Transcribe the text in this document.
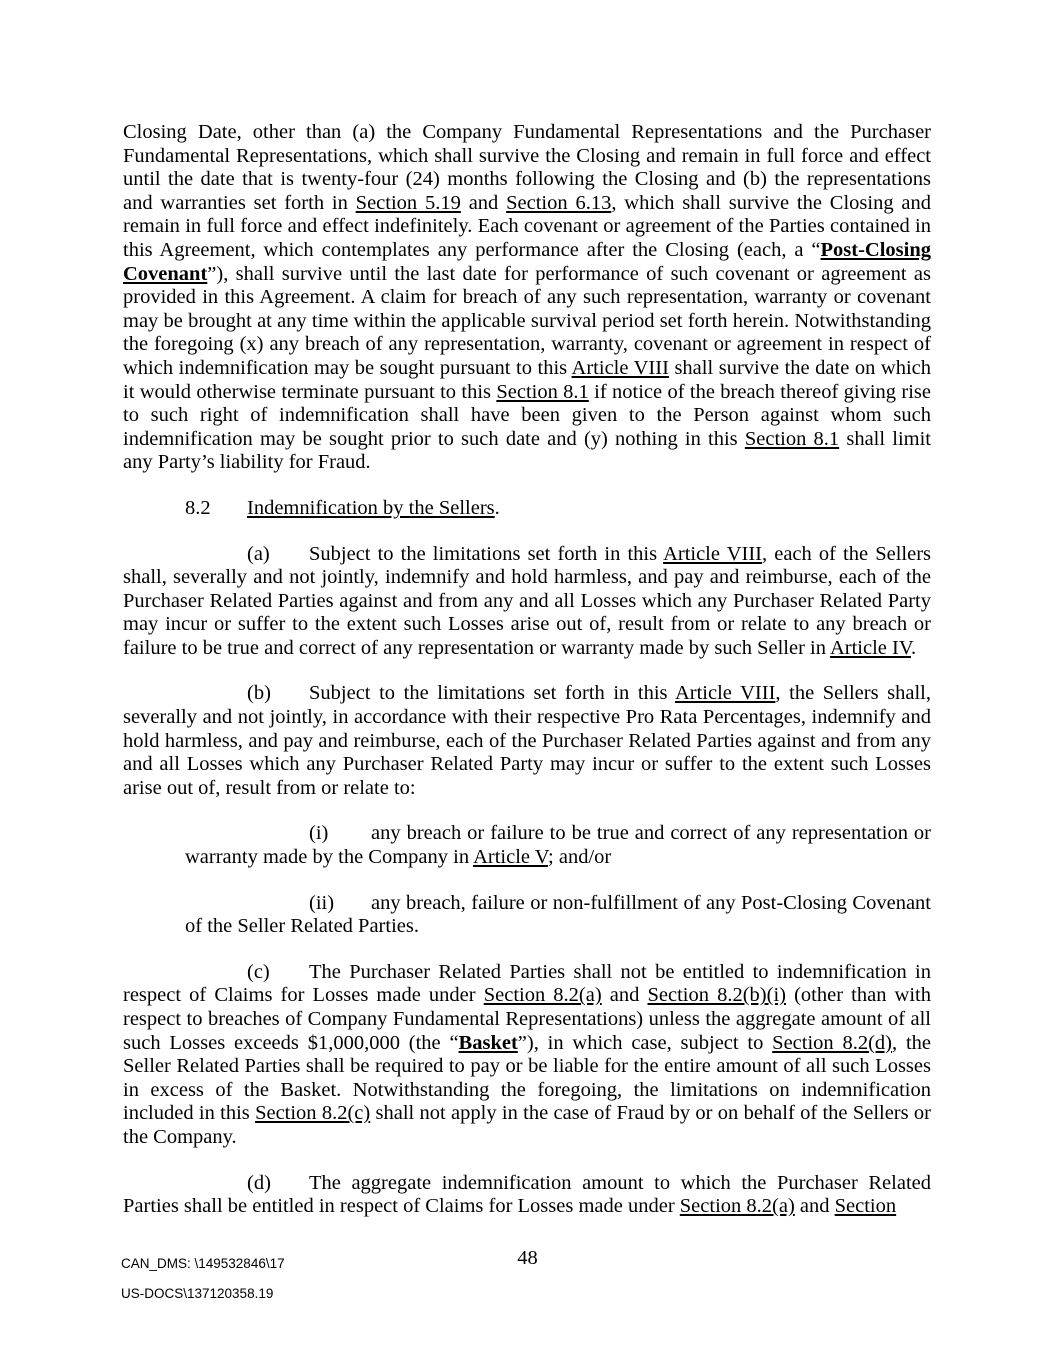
Closing Date, other than (a) the Company Fundamental Representations and the Purchaser Fundamental Representations, which shall survive the Closing and remain in full force and effect until the date that is twenty-four (24) months following the Closing and (b) the representations and warranties set forth in Section 5.19 and Section 6.13, which shall survive the Closing and remain in full force and effect indefinitely. Each covenant or agreement of the Parties contained in this Agreement, which contemplates any performance after the Closing (each, a “Post-Closing Covenant”), shall survive until the last date for performance of such covenant or agreement as provided in this Agreement. A claim for breach of any such representation, warranty or covenant may be brought at any time within the applicable survival period set forth herein. Notwithstanding the foregoing (x) any breach of any representation, warranty, covenant or agreement in respect of which indemnification may be sought pursuant to this Article VIII shall survive the date on which it would otherwise terminate pursuant to this Section 8.1 if notice of the breach thereof giving rise to such right of indemnification shall have been given to the Person against whom such indemnification may be sought prior to such date and (y) nothing in this Section 8.1 shall limit any Party’s liability for Fraud.

8.2 Indemnification by the Sellers.

(a) Subject to the limitations set forth in this Article VIII, each of the Sellers shall, severally and not jointly, indemnify and hold harmless, and pay and reimburse, each of the Purchaser Related Parties against and from any and all Losses which any Purchaser Related Party may incur or suffer to the extent such Losses arise out of, result from or relate to any breach or failure to be true and correct of any representation or warranty made by such Seller in Article IV.

(b) Subject to the limitations set forth in this Article VIII, the Sellers shall, severally and not jointly, in accordance with their respective Pro Rata Percentages, indemnify and hold harmless, and pay and reimburse, each of the Purchaser Related Parties against and from any and all Losses which any Purchaser Related Party may incur or suffer to the extent such Losses arise out of, result from or relate to:

(i) any breach or failure to be true and correct of any representation or warranty made by the Company in Article V; and/or

(ii) any breach, failure or non-fulfillment of any Post-Closing Covenant of the Seller Related Parties.

(c) The Purchaser Related Parties shall not be entitled to indemnification in respect of Claims for Losses made under Section 8.2(a) and Section 8.2(b)(i) (other than with respect to breaches of Company Fundamental Representations) unless the aggregate amount of all such Losses exceeds $1,000,000 (the “Basket”), in which case, subject to Section 8.2(d), the Seller Related Parties shall be required to pay or be liable for the entire amount of all such Losses in excess of the Basket. Notwithstanding the foregoing, the limitations on indemnification included in this Section 8.2(c) shall not apply in the case of Fraud by or on behalf of the Sellers or the Company.

(d) The aggregate indemnification amount to which the Purchaser Related Parties shall be entitled in respect of Claims for Losses made under Section 8.2(a) and Section

CAN_DMS: \149532846\17
US-DOCS\137120358.19
48
